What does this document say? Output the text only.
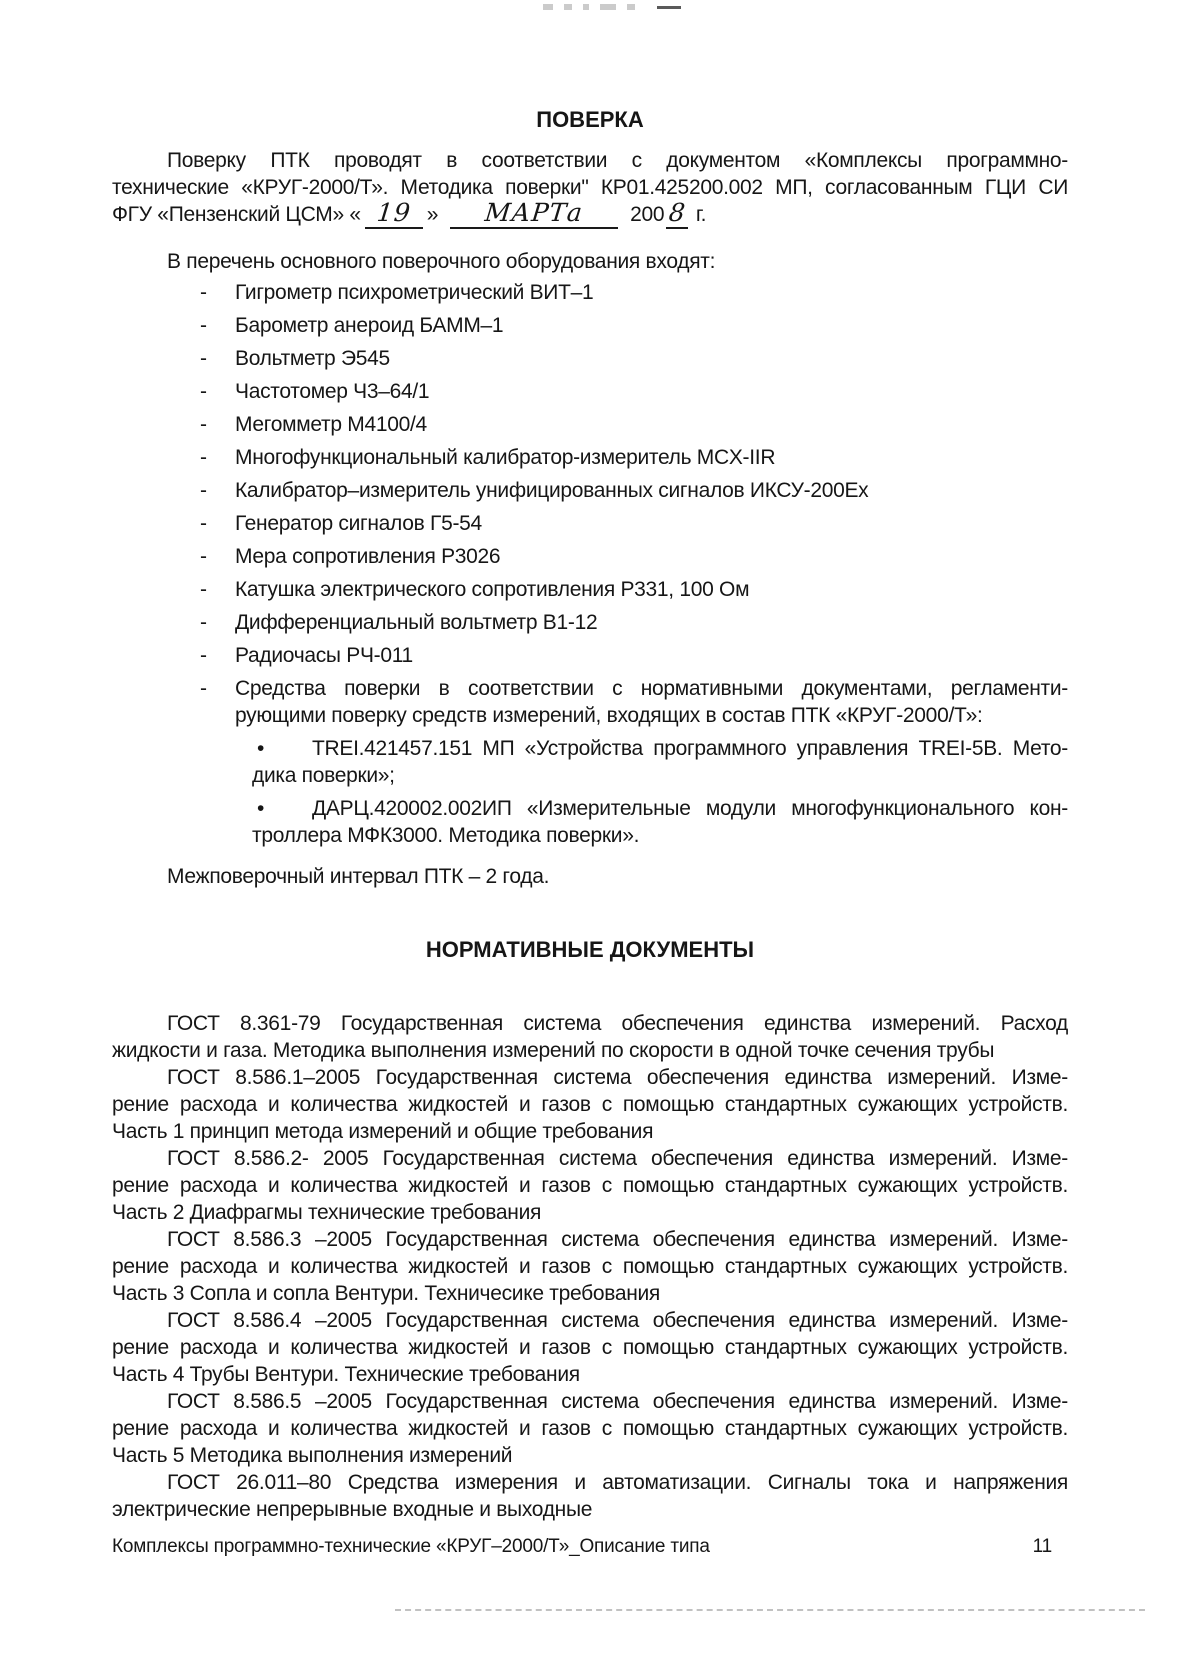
ПОВЕРКА
Поверку ПТК проводят в соответствии с документом «Комплексы программно-
технические «КРУГ-2000/Т». Методика поверки" КР01.425200.002 МП, согласованным ГЦИ СИ
ФГУ «Пензенский ЦСМ» « 19 » МАРТа 200 8 г.
В перечень основного поверочного оборудования входят:
- Гигрометр психрометрический ВИТ–1
- Барометр анероид БАММ–1
- Вольтметр Э545
- Частотомер Ч3–64/1
- Мегомметр М4100/4
- Многофункциональный калибратор-измеритель MCX-IIR
- Калибратор–измеритель унифицированных сигналов ИКСУ-200Ех
- Генератор сигналов Г5-54
- Мера сопротивления Р3026
- Катушка электрического сопротивления Р331, 100 Ом
- Дифференциальный вольтметр В1-12
- Радиочасы РЧ-011
- Средства поверки в соответствии с нормативными документами, регламенти-
рующими поверку средств измерений, входящих в состав ПТК «КРУГ-2000/Т»:
• TREI.421457.151 МП «Устройства программного управления TREI-5B. Мето-
дика поверки»;
• ДАРЦ.420002.002ИП «Измерительные модули многофункционального кон-
троллера МФК3000. Методика поверки».
Межповерочный интервал ПТК – 2 года.
НОРМАТИВНЫЕ ДОКУМЕНТЫ
ГОСТ 8.361-79 Государственная система обеспечения единства измерений. Расход
жидкости и газа. Методика выполнения измерений по скорости в одной точке сечения трубы
ГОСТ 8.586.1–2005 Государственная система обеспечения единства измерений. Изме-
рение расхода и количества жидкостей и газов с помощью стандартных сужающих устройств.
Часть 1 принцип метода измерений и общие требования
ГОСТ 8.586.2- 2005 Государственная система обеспечения единства измерений. Изме-
рение расхода и количества жидкостей и газов с помощью стандартных сужающих устройств.
Часть 2 Диафрагмы технические требования
ГОСТ 8.586.3 –2005 Государственная система обеспечения единства измерений. Изме-
рение расхода и количества жидкостей и газов с помощью стандартных сужающих устройств.
Часть 3 Сопла и сопла Вентури. Техничесике требования
ГОСТ 8.586.4 –2005 Государственная система обеспечения единства измерений. Изме-
рение расхода и количества жидкостей и газов с помощью стандартных сужающих устройств.
Часть 4 Трубы Вентури. Технические требования
ГОСТ 8.586.5 –2005 Государственная система обеспечения единства измерений. Изме-
рение расхода и количества жидкостей и газов с помощью стандартных сужающих устройств.
Часть 5 Методика выполнения измерений
ГОСТ 26.011–80 Средства измерения и автоматизации. Сигналы тока и напряжения
электрические непрерывные входные и выходные
Комплексы программно-технические «КРУГ–2000/Т»_Описание типа	11
